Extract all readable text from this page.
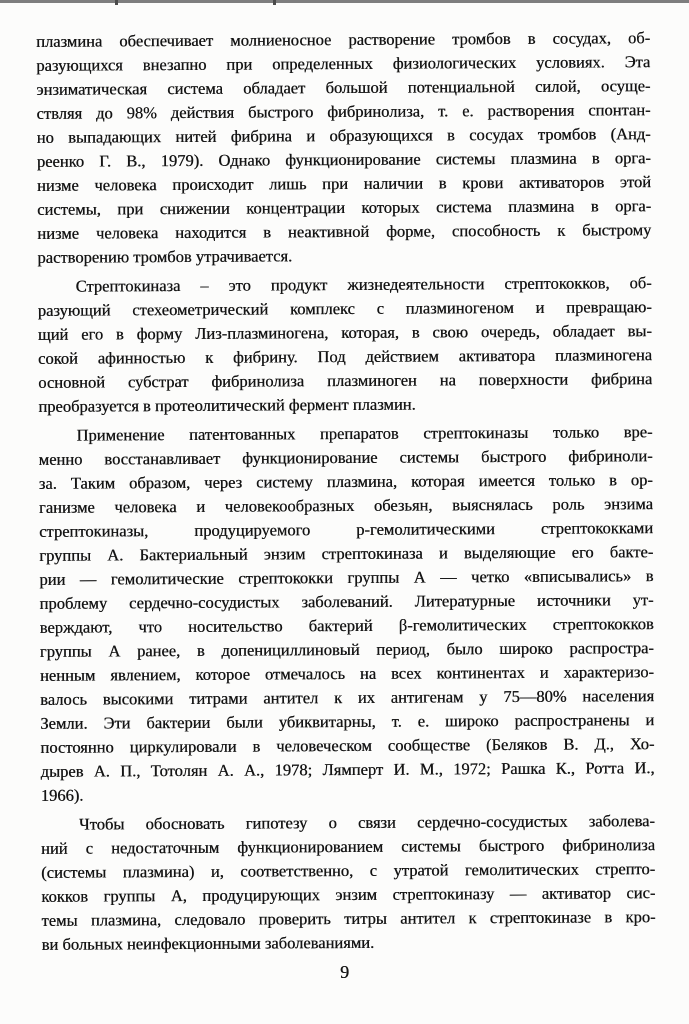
плазмина обеспечивает молниеносное растворение тромбов в сосудах, об-
разующихся внезапно при определенных физиологических условиях. Эта
энзиматическая система обладает большой потенциальной силой, осуще-
ствляя до 98% действия быстрого фибринолиза, т. е. растворения спонтан-
но выпадающих нитей фибрина и образующихся в сосудах тромбов (Анд-
реенко Г. В., 1979). Однако функционирование системы плазмина в орга-
низме человека происходит лишь при наличии в крови активаторов этой
системы, при снижении концентрации которых система плазмина в орга-
низме человека находится в неактивной форме, способность к быстрому
растворению тромбов утрачивается.
Стрептокиназа – это продукт жизнедеятельности стрептококков, об-
разующий стехеометрический комплекс с плазминогеном и превращаю-
щий его в форму Лиз-плазминогена, которая, в свою очередь, обладает вы-
сокой афинностью к фибрину. Под действием активатора плазминогена
основной субстрат фибринолиза плазминоген на поверхности фибрина
преобразуется в протеолитический фермент плазмин.
Применение патентованных препаратов стрептокиназы только вре-
менно восстанавливает функционирование системы быстрого фибриноли-
за. Таким образом, через систему плазмина, которая имеется только в ор-
ганизме человека и человекообразных обезьян, выяснялась роль энзима
стрептокиназы, продуцируемого р-гемолитическими стрептококками
группы А. Бактериальный энзим стрептокиназа и выделяющие его бакте-
рии — гемолитические стрептококки группы А — четко «вписывались» в
проблему сердечно-сосудистых заболеваний. Литературные источники ут-
верждают, что носительство бактерий β-гемолитических стрептококков
группы А ранее, в допенициллиновый период, было широко распростра-
ненным явлением, которое отмечалось на всех континентах и характеризо-
валось высокими титрами антител к их антигенам у 75—80% населения
Земли. Эти бактерии были убиквитарны, т. е. широко распространены и
постоянно циркулировали в человеческом сообществе (Беляков В. Д., Хо-
дырев А. П., Тотолян А. А., 1978; Лямперт И. М., 1972; Рашка К., Ротта И.,
1966).
Чтобы обосновать гипотезу о связи сердечно-сосудистых заболева-
ний с недостаточным функционированием системы быстрого фибринолиза
(системы плазмина) и, соответственно, с утратой гемолитических стрепто-
кокков группы А, продуцирующих энзим стрептокиназу — активатор сис-
темы плазмина, следовало проверить титры антител к стрептокиназе в кро-
ви больных неинфекционными заболеваниями.
9
